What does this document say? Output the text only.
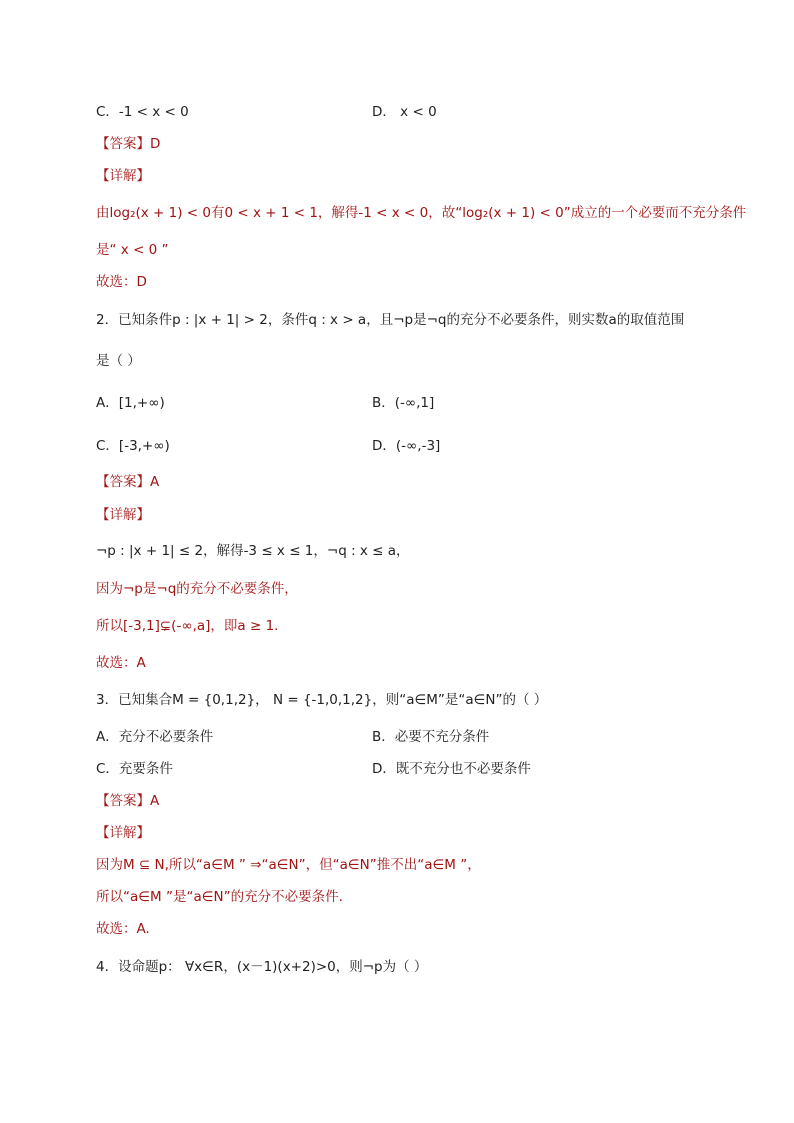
C．-1 < x < 0	D． x < 0
【答案】D
【详解】
由log₂(x + 1) < 0有0 < x + 1 < 1，解得-1 < x < 0，故“log₂(x + 1) < 0”成立的一个必要而不充分条件
是“ x < 0 ”
故选：D
2．已知条件p : |x + 1| > 2，条件q : x > a，且¬p是¬q的充分不必要条件，则实数a的取值范围
是（ ）
A．[1,+∞)	B．(-∞,1]
C．[-3,+∞)	D．(-∞,-3]
【答案】A
【详解】
¬p : |x + 1| ≤ 2，解得-3 ≤ x ≤ 1，¬q : x ≤ a，
因为¬p是¬q的充分不必要条件，
所以[-3,1]⊊(-∞,a]，即a ≥ 1.
故选：A
3．已知集合M = {0,1,2}， N = {-1,0,1,2}，则“a∈M”是“a∈N”的（ ）
A．充分不必要条件	B．必要不充分条件
C．充要条件	D．既不充分也不必要条件
【答案】A
【详解】
因为M ⊆ N,所以“a∈M ” ⇒“a∈N”，但“a∈N”推不出“a∈M ”，
所以“a∈M ”是“a∈N”的充分不必要条件.
故选：A.
4．设命题p： ∀x∈R，(x－1)(x+2)>0，则¬p为（ ）
